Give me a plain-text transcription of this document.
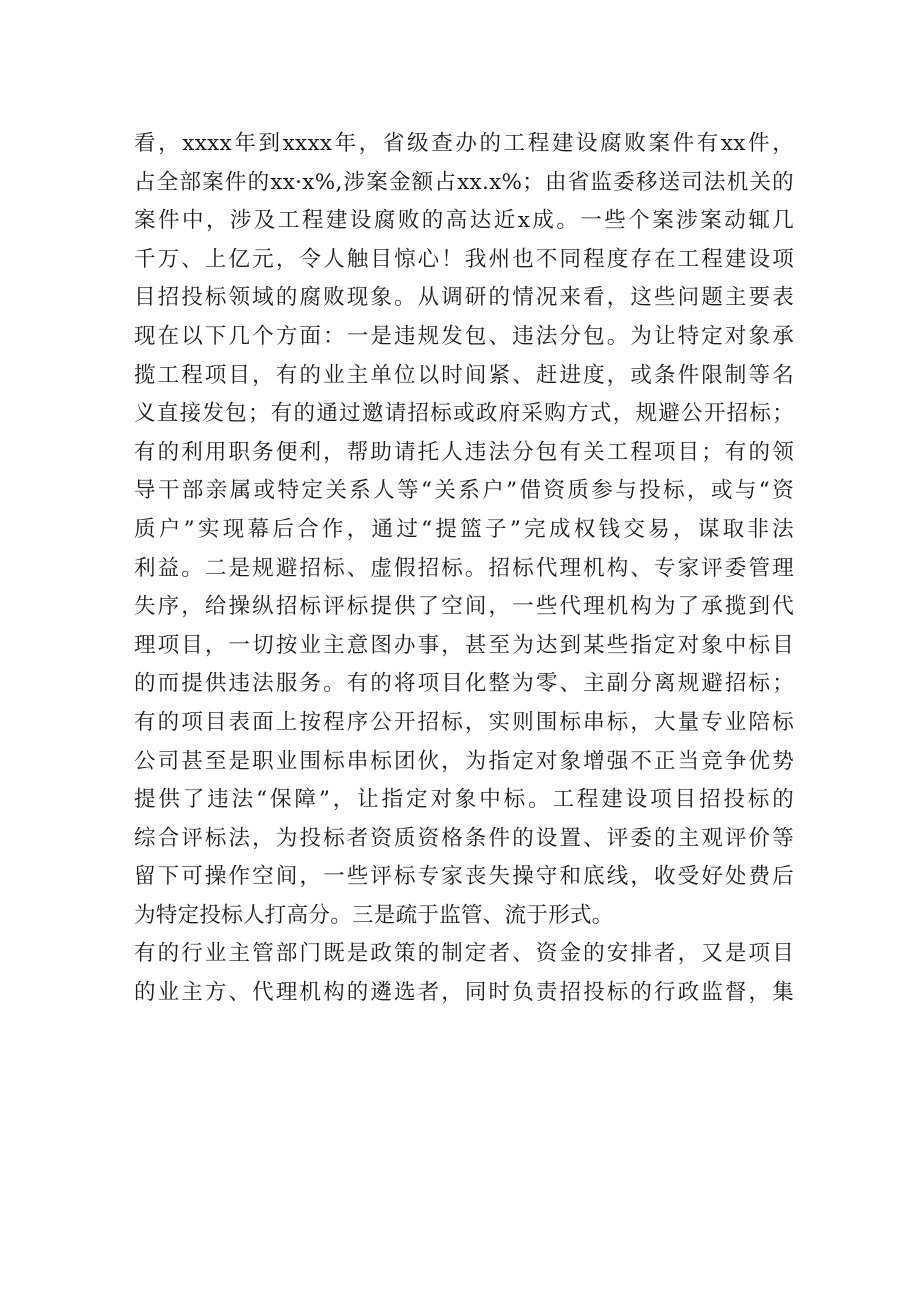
看，xxxx年到xxxx年，省级查办的工程建设腐败案件有xx件，
占全部案件的xx·x%,涉案金额占xx.x%；由省监委移送司法机关的
案件中，涉及工程建设腐败的高达近x成。一些个案涉案动辄几
千万、上亿元，令人触目惊心！我州也不同程度存在工程建设项
目招投标领域的腐败现象。从调研的情况来看，这些问题主要表
现在以下几个方面：一是违规发包、违法分包。为让特定对象承
揽工程项目，有的业主单位以时间紧、赶进度，或条件限制等名
义直接发包；有的通过邀请招标或政府采购方式，规避公开招标；
有的利用职务便利，帮助请托人违法分包有关工程项目；有的领
导干部亲属或特定关系人等“关系户”借资质参与投标，或与“资
质户”实现幕后合作，通过“提篮子”完成权钱交易，谋取非法
利益。二是规避招标、虚假招标。招标代理机构、专家评委管理
失序，给操纵招标评标提供了空间，一些代理机构为了承揽到代
理项目，一切按业主意图办事，甚至为达到某些指定对象中标目
的而提供违法服务。有的将项目化整为零、主副分离规避招标；
有的项目表面上按程序公开招标，实则围标串标，大量专业陪标
公司甚至是职业围标串标团伙，为指定对象增强不正当竞争优势
提供了违法“保障”，让指定对象中标。工程建设项目招投标的
综合评标法，为投标者资质资格条件的设置、评委的主观评价等
留下可操作空间，一些评标专家丧失操守和底线，收受好处费后
为特定投标人打高分。三是疏于监管、流于形式。
有的行业主管部门既是政策的制定者、资金的安排者，又是项目
的业主方、代理机构的遴选者，同时负责招投标的行政监督，集
